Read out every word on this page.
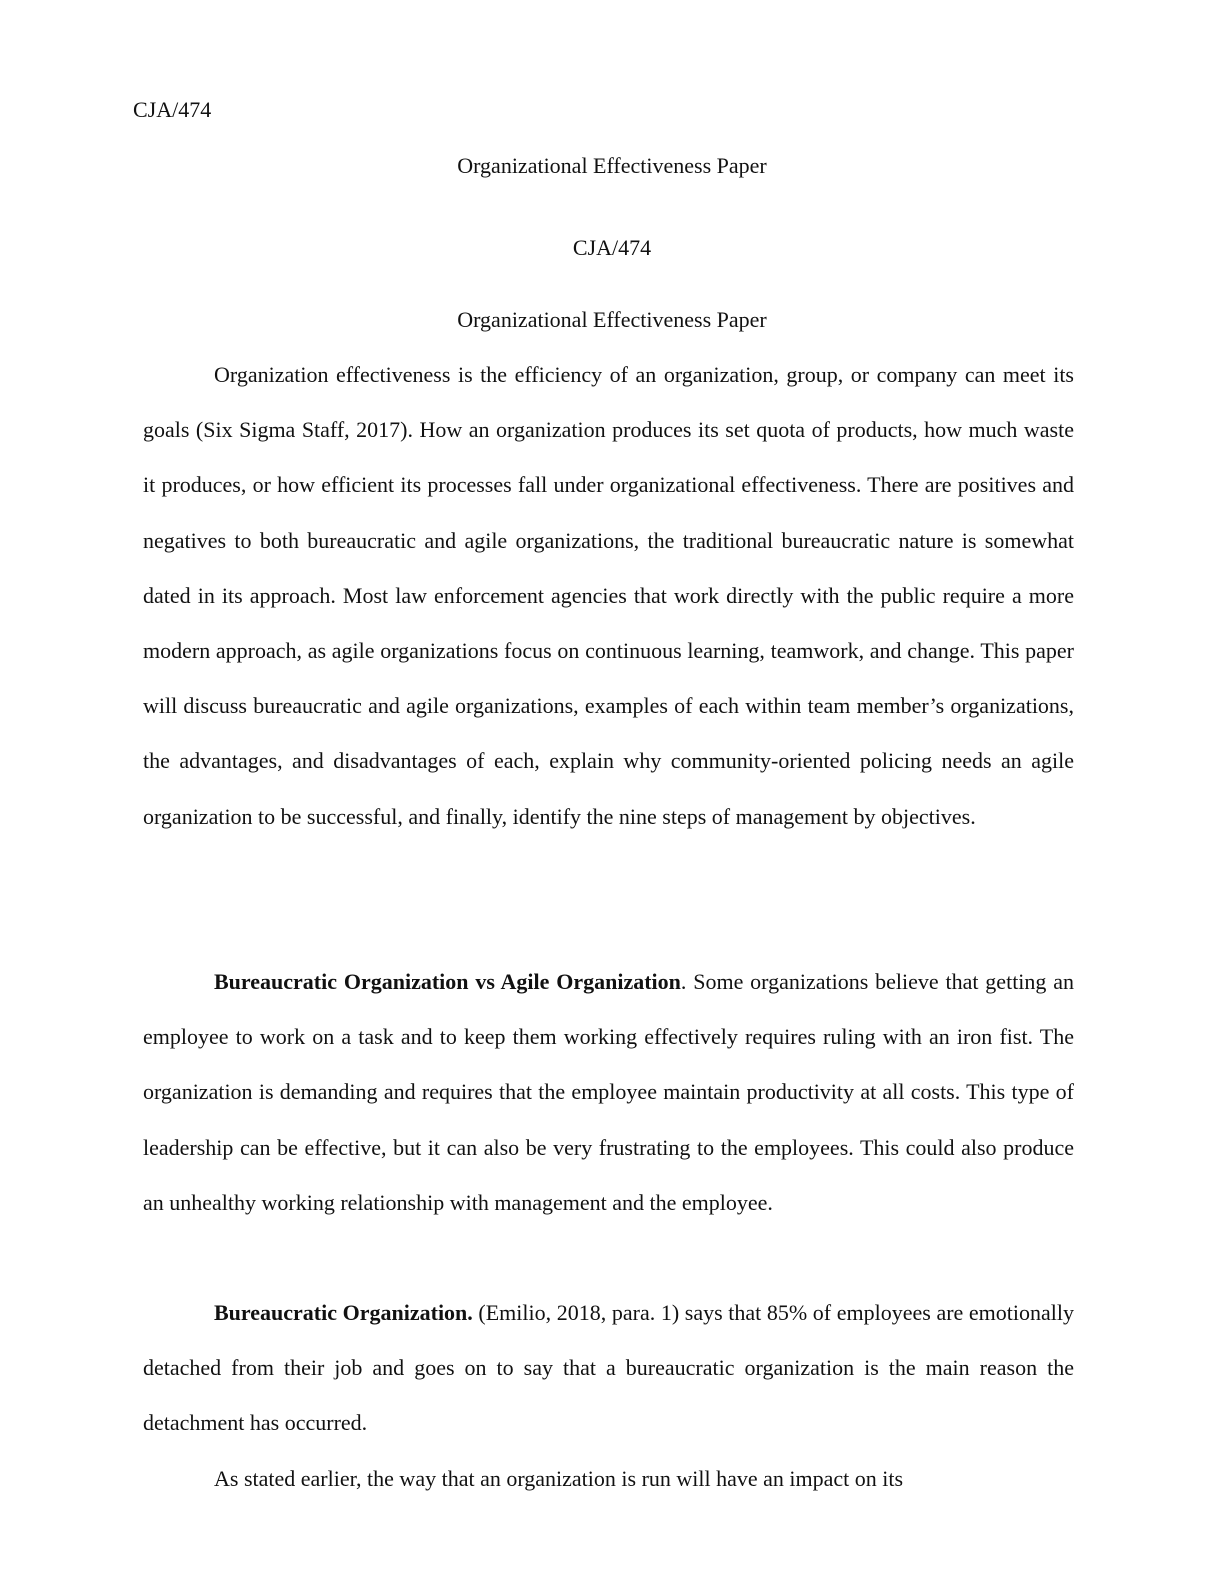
CJA/474

Organizational Effectiveness Paper

CJA/474

Organizational Effectiveness Paper

Organization effectiveness is the efficiency of an organization, group, or company can meet its goals (Six Sigma Staff, 2017). How an organization produces its set quota of products, how much waste it produces, or how efficient its processes fall under organizational effectiveness. There are positives and negatives to both bureaucratic and agile organizations, the traditional bureaucratic nature is somewhat dated in its approach. Most law enforcement agencies that work directly with the public require a more modern approach, as agile organizations focus on continuous learning, teamwork, and change. This paper will discuss bureaucratic and agile organizations, examples of each within team member’s organizations, the advantages, and disadvantages of each, explain why community-oriented policing needs an agile organization to be successful, and finally, identify the nine steps of management by objectives.

Bureaucratic Organization vs Agile Organization. Some organizations believe that getting an employee to work on a task and to keep them working effectively requires ruling with an iron fist. The organization is demanding and requires that the employee maintain productivity at all costs. This type of leadership can be effective, but it can also be very frustrating to the employees. This could also produce an unhealthy working relationship with management and the employee.

Bureaucratic Organization. (Emilio, 2018, para. 1) says that 85% of employees are emotionally detached from their job and goes on to say that a bureaucratic organization is the main reason the detachment has occurred.

As stated earlier, the way that an organization is run will have an impact on its
